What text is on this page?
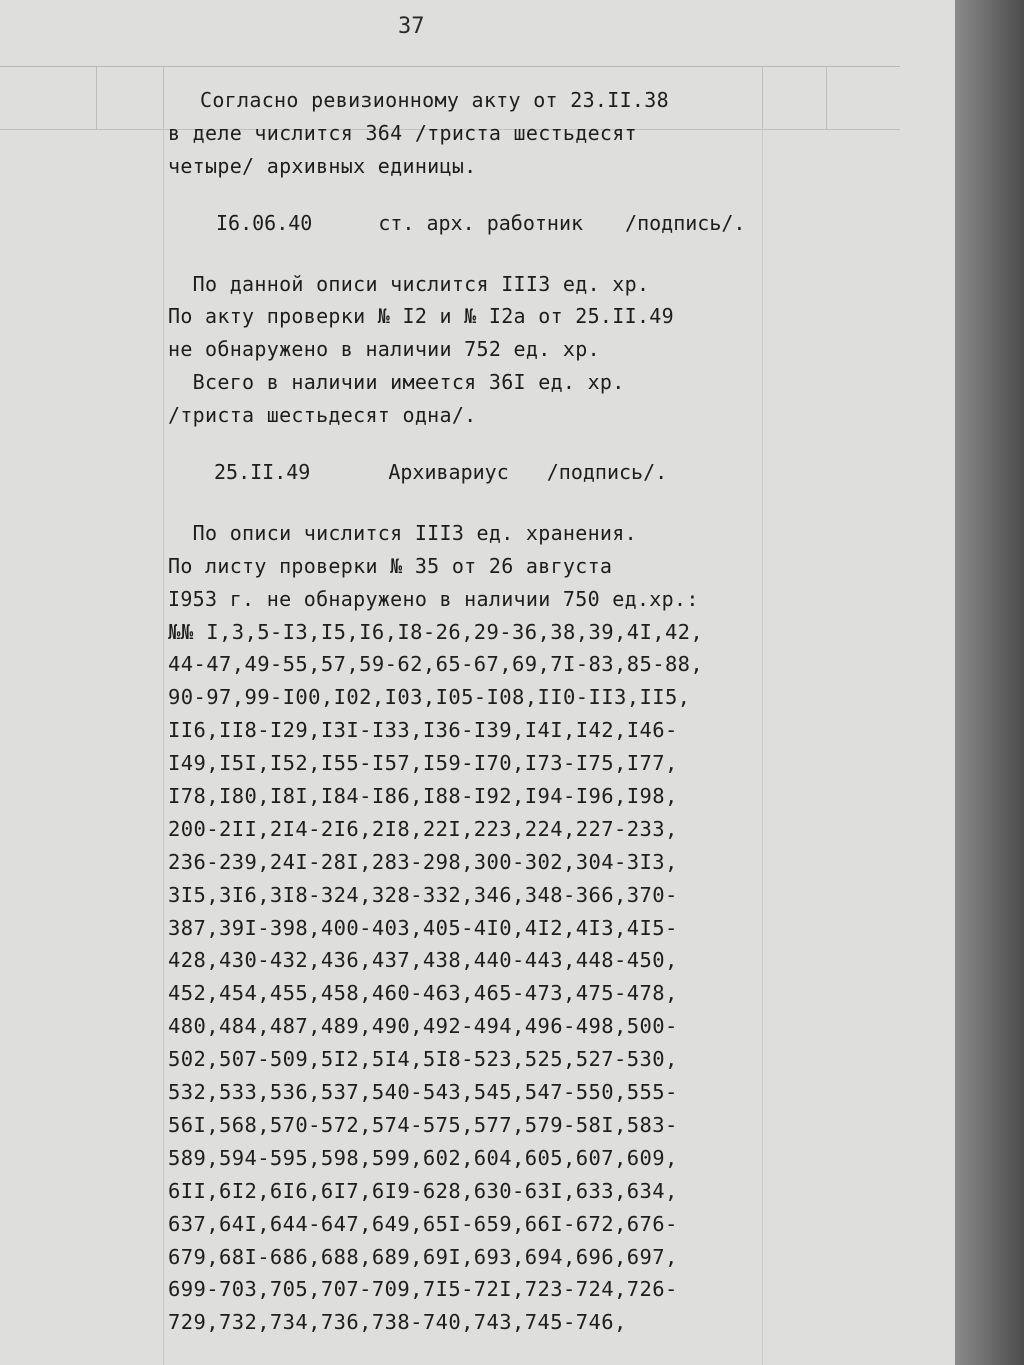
37
Согласно ревизионному акту от 23.II.38
в деле числится 364 /триста шестьдесят
четыре/ архивных единицы.
I6.06.40	ст. арх. работник /подпись/.
По данной описи числится III3 ед. хр.
По акту проверки № I2 и № I2а от 25.II.49
не обнаружено в наличии 752 ед. хр.
Всего в наличии имеется 36I ед. хр.
/триста шестьдесят одна/.
25.II.49	Архивариус /подпись/.
По описи числится III3 ед. хранения.
По листу проверки № 35 от 26 августа
I953 г. не обнаружено в наличии 750 ед.хр.:
№№ I,3,5-I3,I5,I6,I8-26,29-36,38,39,4I,42,
44-47,49-55,57,59-62,65-67,69,7I-83,85-88,
90-97,99-I00,I02,I03,I05-I08,II0-II3,II5,
II6,II8-I29,I3I-I33,I36-I39,I4I,I42,I46-
I49,I5I,I52,I55-I57,I59-I70,I73-I75,I77,
I78,I80,I8I,I84-I86,I88-I92,I94-I96,I98,
200-2II,2I4-2I6,2I8,22I,223,224,227-233,
236-239,24I-28I,283-298,300-302,304-3I3,
3I5,3I6,3I8-324,328-332,346,348-366,370-
387,39I-398,400-403,405-4I0,4I2,4I3,4I5-
428,430-432,436,437,438,440-443,448-450,
452,454,455,458,460-463,465-473,475-478,
480,484,487,489,490,492-494,496-498,500-
502,507-509,5I2,5I4,5I8-523,525,527-530,
532,533,536,537,540-543,545,547-550,555-
56I,568,570-572,574-575,577,579-58I,583-
589,594-595,598,599,602,604,605,607,609,
6II,6I2,6I6,6I7,6I9-628,630-63I,633,634,
637,64I,644-647,649,65I-659,66I-672,676-
679,68I-686,688,689,69I,693,694,696,697,
699-703,705,707-709,7I5-72I,723-724,726-
729,732,734,736,738-740,743,745-746,
